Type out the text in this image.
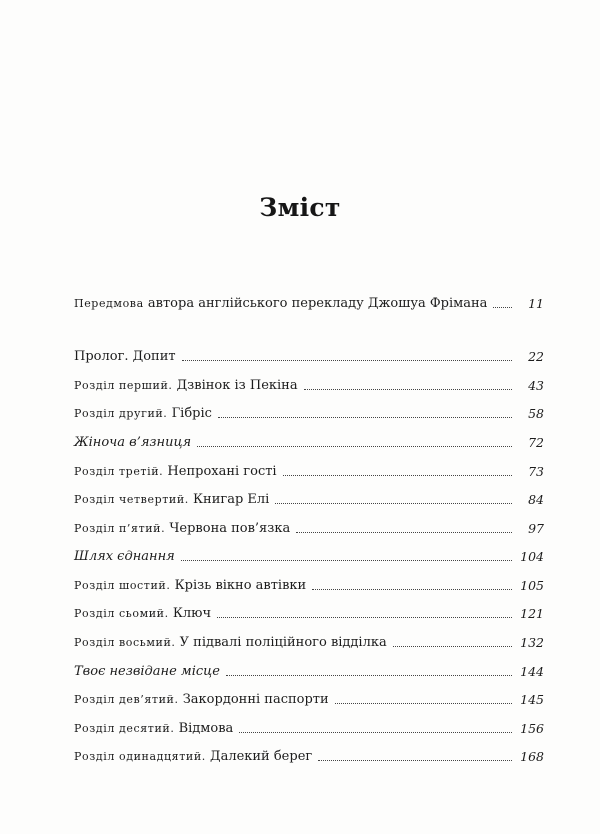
Зміст
Передмова автора англійського перекладу Джошуа Фрімана	11
Пролог. Допит	22
Розділ перший. Дзвінок із Пекіна	43
Розділ другий. Гібріс	58
Жіноча в’язниця	72
Розділ третій. Непрохані гості	73
Розділ четвертий. Книгар Елі	84
Розділ п’ятий. Червона пов’язка	97
Шлях єднання	104
Розділ шостий. Крізь вікно автівки	105
Розділ сьомий. Ключ	121
Розділ восьмий. У підвалі поліційного відділка	132
Твоє незвідане місце	144
Розділ дев’ятий. Закордонні паспорти	145
Розділ десятий. Відмова	156
Розділ одинадцятий. Далекий берег	168
